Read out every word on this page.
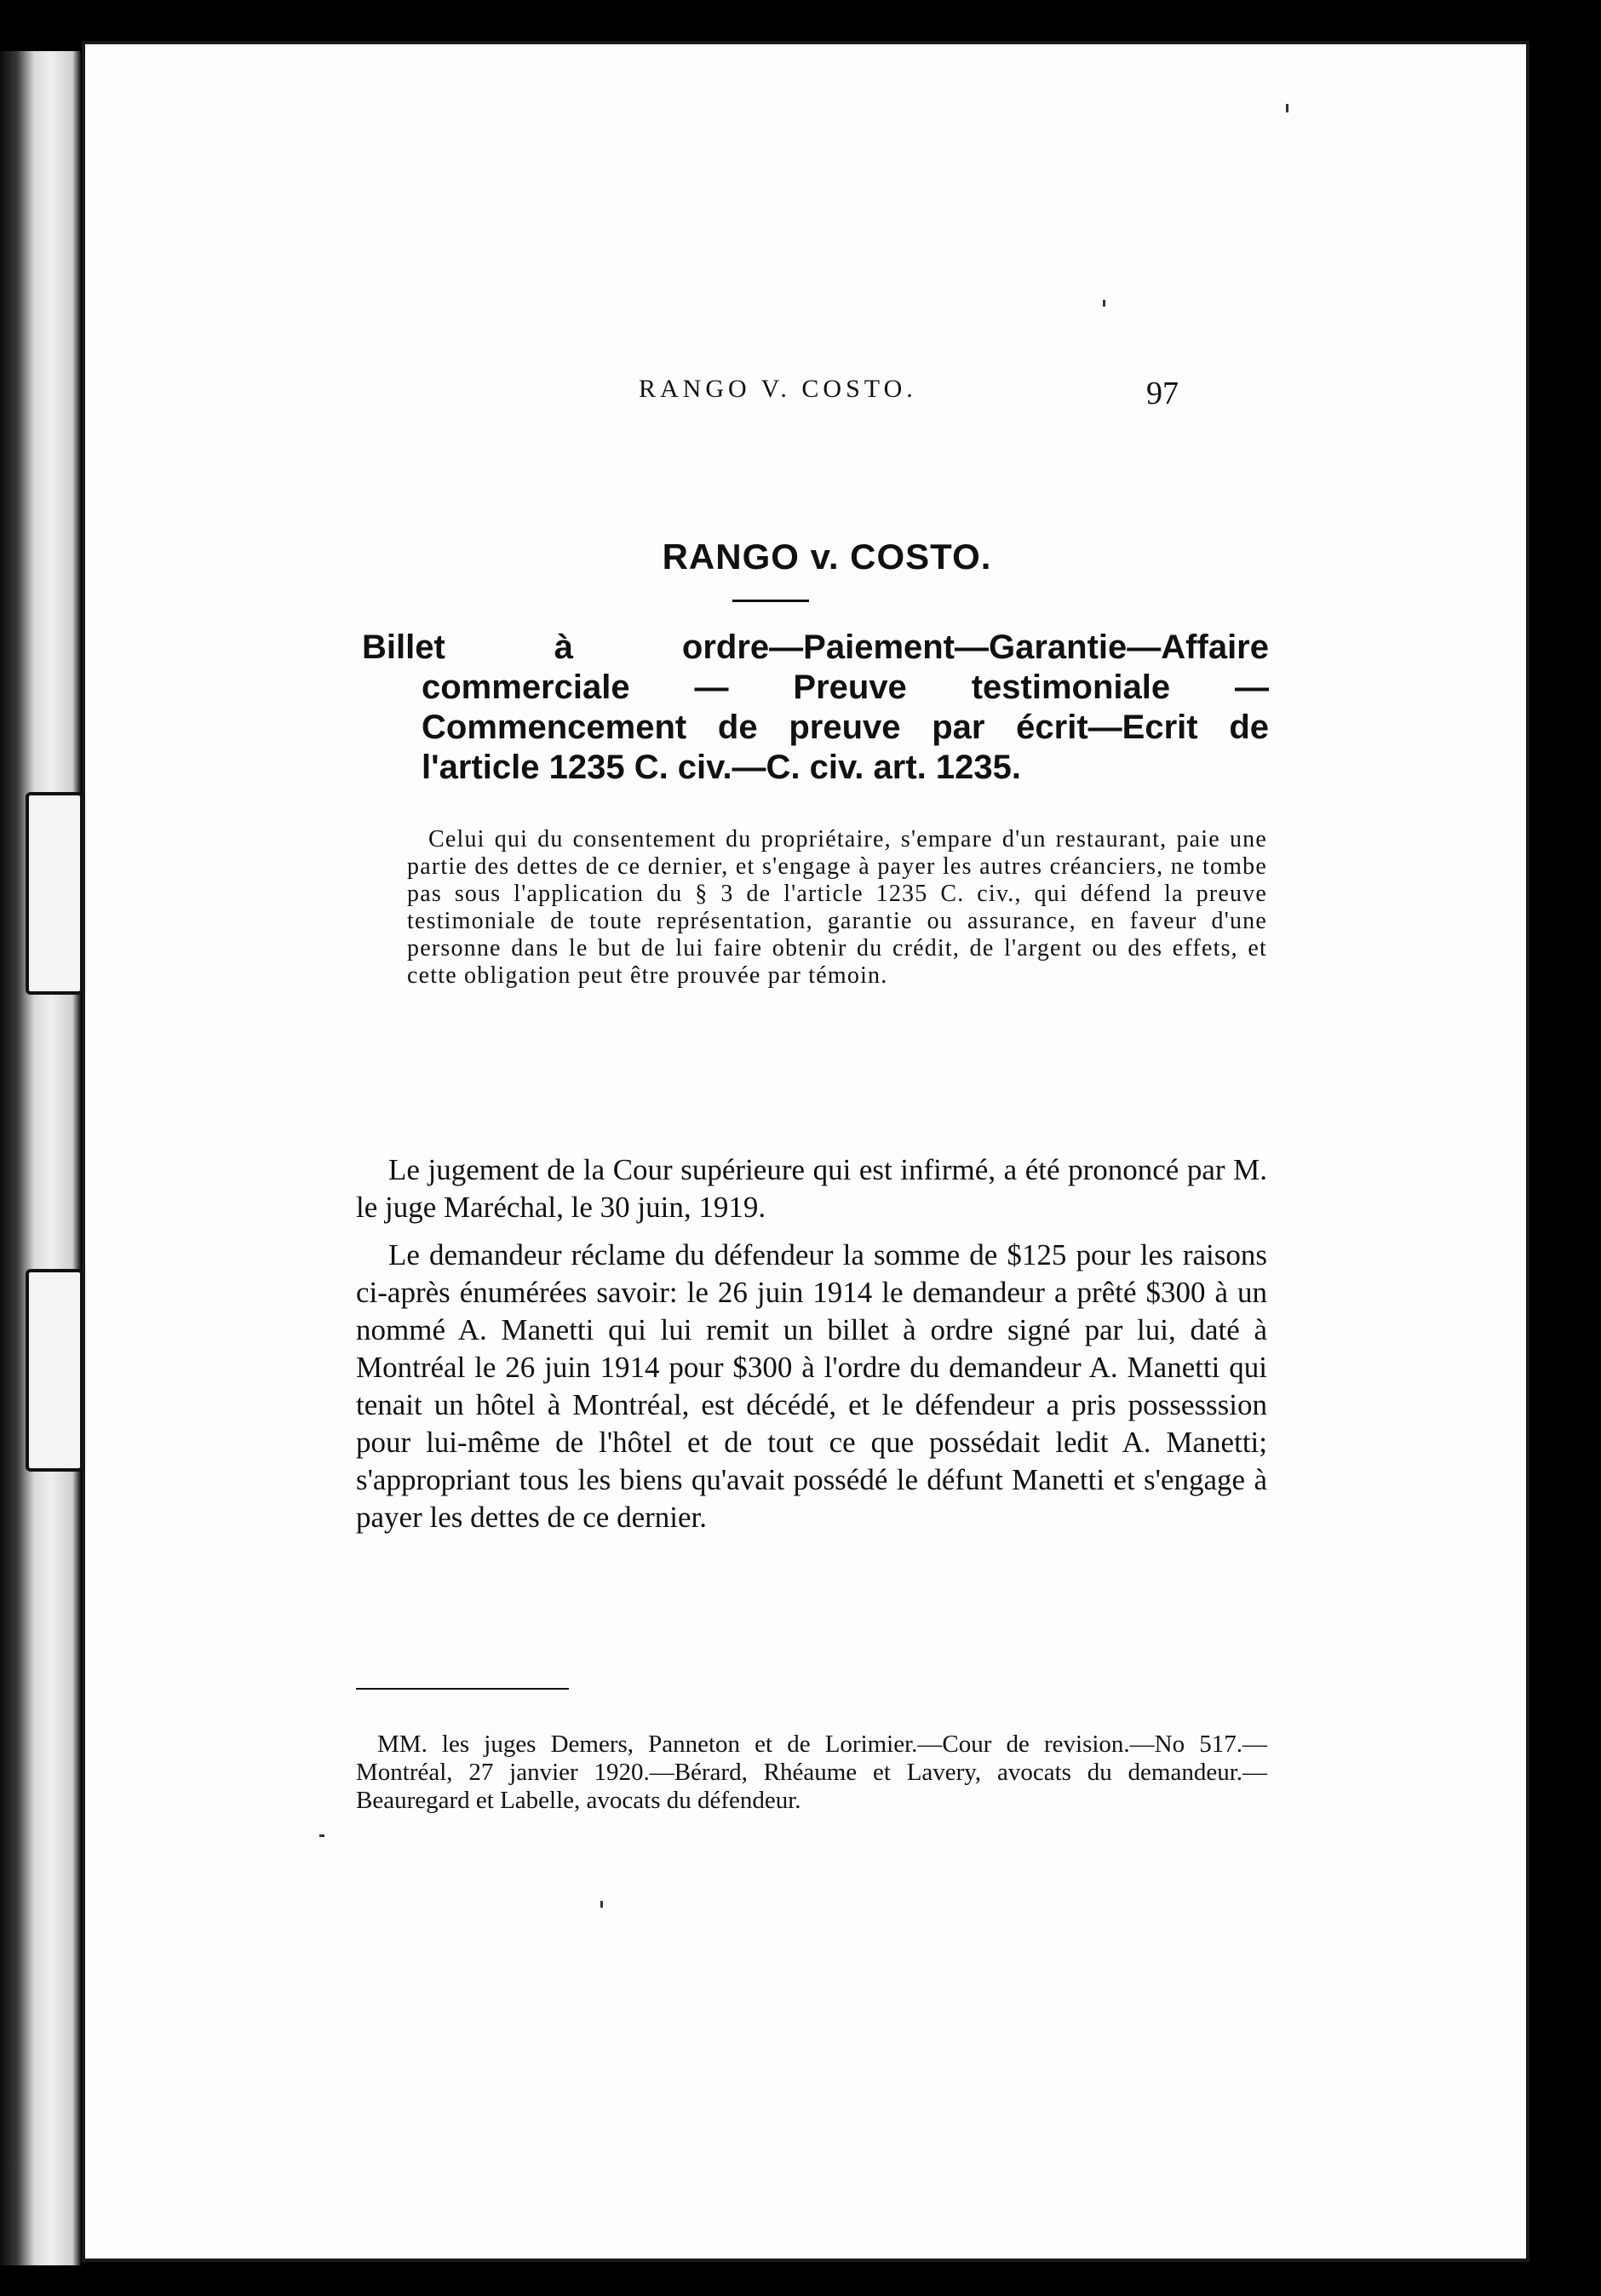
RANGO V. COSTO.	97
RANGO v. COSTO.
Billet à ordre—Paiement—Garantie—Affaire commerciale — Preuve testimoniale — Commencement de preuve par écrit—Ecrit de l'article 1235 C. civ.—C. civ. art. 1235.
Celui qui du consentement du propriétaire, s'empare d'un restaurant, paie une partie des dettes de ce dernier, et s'engage à payer les autres créanciers, ne tombe pas sous l'application du § 3 de l'article 1235 C. civ., qui défend la preuve testimoniale de toute représentation, garantie ou assurance, en faveur d'une personne dans le but de lui faire obtenir du crédit, de l'argent ou des effets, et cette obligation peut être prouvée par témoin.

Le jugement de la Cour supérieure qui est infirmé, a été prononcé par M. le juge Maréchal, le 30 juin, 1919.

Le demandeur réclame du défendeur la somme de $125 pour les raisons ci-après énumérées savoir: le 26 juin 1914 le demandeur a prêté $300 à un nommé A. Manetti qui lui remit un billet à ordre signé par lui, daté à Montréal le 26 juin 1914 pour $300 à l'ordre du demandeur A. Manetti qui tenait un hôtel à Montréal, est décédé, et le défendeur a pris possesssion pour lui-même de l'hôtel et de tout ce que possédait ledit A. Manetti; s'appropriant tous les biens qu'avait possédé le défunt Manetti et s'engage à payer les dettes de ce dernier.

MM. les juges Demers, Panneton et de Lorimier.—Cour de revision.—No 517.—Montréal, 27 janvier 1920.—Bérard, Rhéaume et Lavery, avocats du demandeur.—Beauregard et Labelle, avocats du défendeur.
